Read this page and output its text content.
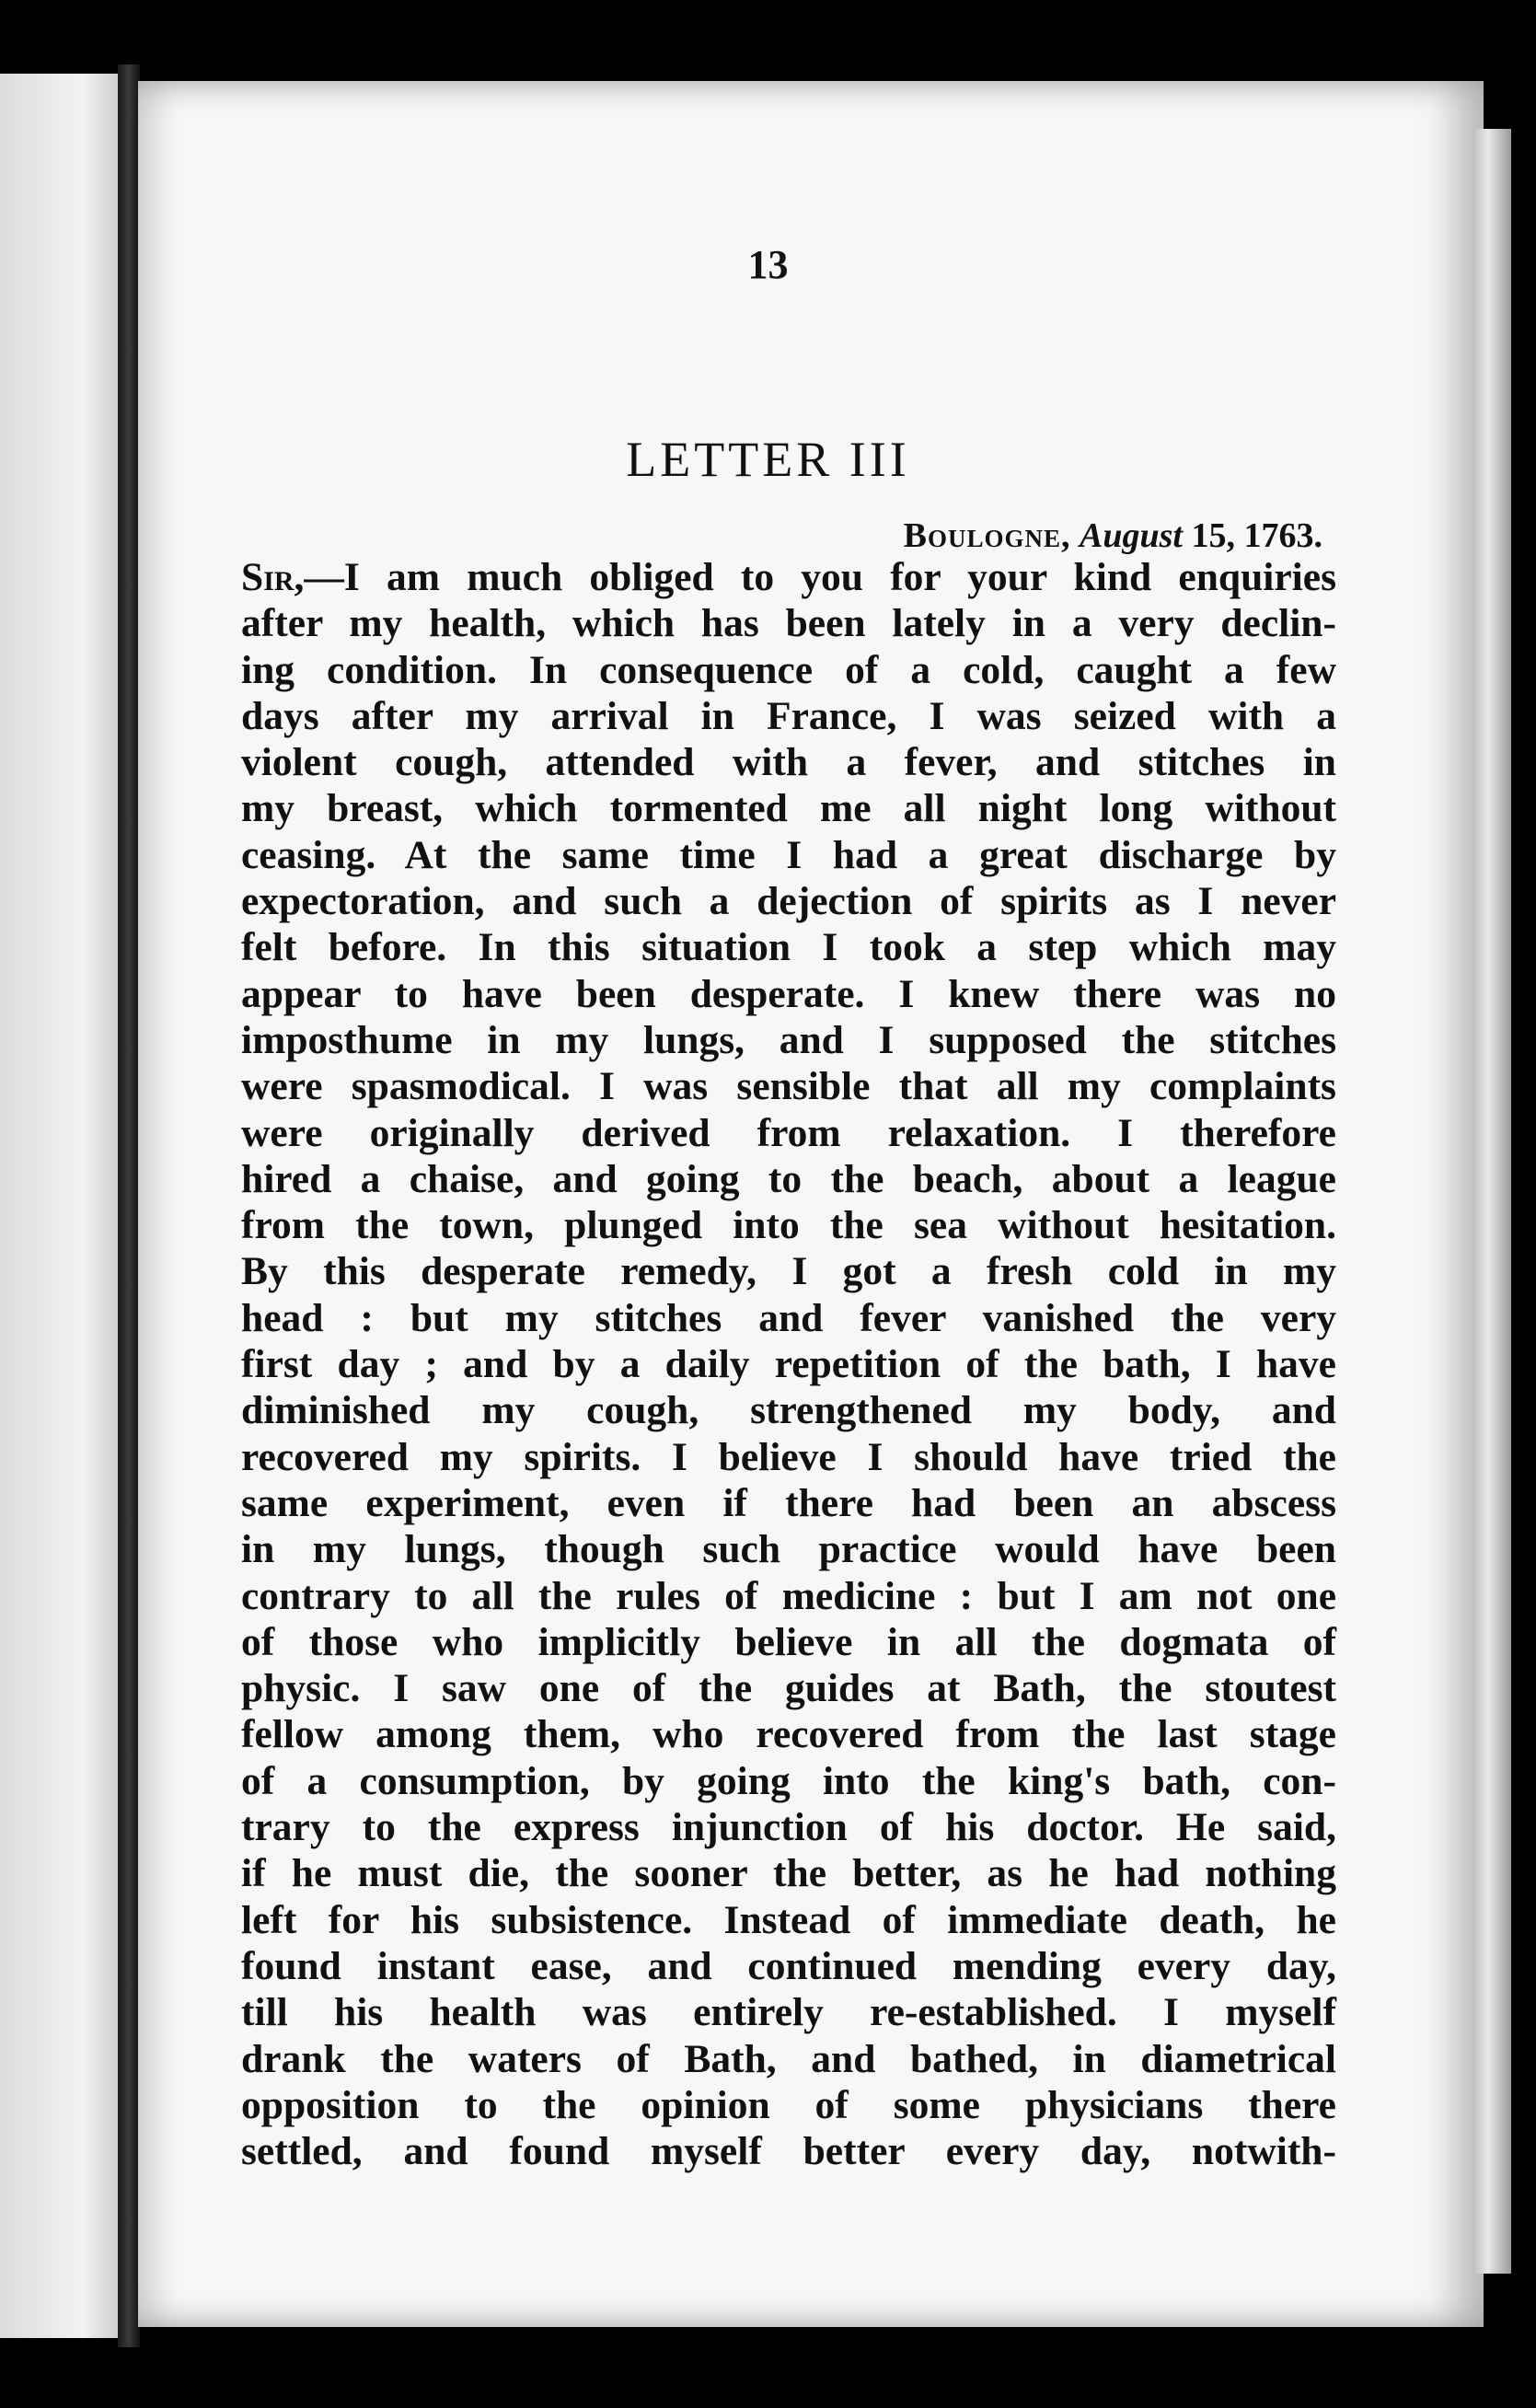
13
LETTER III
Boulogne, August 15, 1763.
Sir,—I am much obliged to you for your kind enquiries
after my health, which has been lately in a very declin-
ing condition. In consequence of a cold, caught a few
days after my arrival in France, I was seized with a
violent cough, attended with a fever, and stitches in
my breast, which tormented me all night long without
ceasing. At the same time I had a great discharge by
expectoration, and such a dejection of spirits as I never
felt before. In this situation I took a step which may
appear to have been desperate. I knew there was no
imposthume in my lungs, and I supposed the stitches
were spasmodical. I was sensible that all my complaints
were originally derived from relaxation. I therefore
hired a chaise, and going to the beach, about a league
from the town, plunged into the sea without hesitation.
By this desperate remedy, I got a fresh cold in my
head : but my stitches and fever vanished the very
first day ; and by a daily repetition of the bath, I have
diminished my cough, strengthened my body, and
recovered my spirits. I believe I should have tried the
same experiment, even if there had been an abscess
in my lungs, though such practice would have been
contrary to all the rules of medicine : but I am not one
of those who implicitly believe in all the dogmata of
physic. I saw one of the guides at Bath, the stoutest
fellow among them, who recovered from the last stage
of a consumption, by going into the king's bath, con-
trary to the express injunction of his doctor. He said,
if he must die, the sooner the better, as he had nothing
left for his subsistence. Instead of immediate death, he
found instant ease, and continued mending every day,
till his health was entirely re-established. I myself
drank the waters of Bath, and bathed, in diametrical
opposition to the opinion of some physicians there
settled, and found myself better every day, notwith-
